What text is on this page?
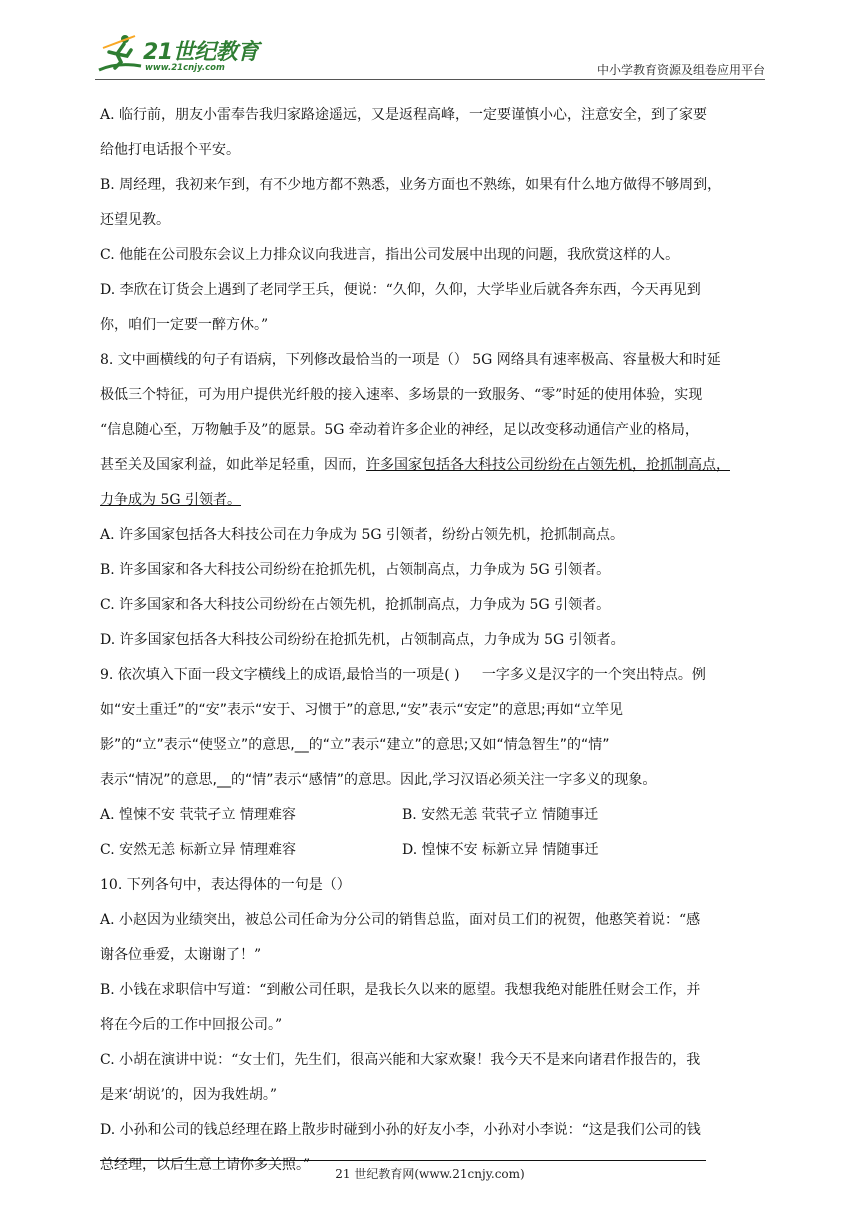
21世纪教育
www.21cnjy.com	中小学教育资源及组卷应用平台

A. 临行前，朋友小雷奉告我归家路途遥远，又是返程高峰，一定要谨慎小心，注意安全，到了家要

给他打电话报个平安。

B. 周经理，我初来乍到，有不少地方都不熟悉，业务方面也不熟练，如果有什么地方做得不够周到，

还望见教。

C. 他能在公司股东会议上力排众议向我进言，指出公司发展中出现的问题，我欣赏这样的人。

D. 李欣在订货会上遇到了老同学王兵，便说：“久仰，久仰，大学毕业后就各奔东西，今天再见到

你，咱们一定要一醉方休。”

8. 文中画横线的句子有语病，下列修改最恰当的一项是（） 5G 网络具有速率极高、容量极大和时延

极低三个特征，可为用户提供光纤般的接入速率、多场景的一致服务、“零”时延的使用体验，实现

“信息随心至，万物触手及”的愿景。5G 牵动着许多企业的神经，足以改变移动通信产业的格局，

甚至关及国家利益，如此举足轻重，因而，许多国家包括各大科技公司纷纷在占领先机，抢抓制高点，

力争成为 5G 引领者。

A. 许多国家包括各大科技公司在力争成为 5G 引领者，纷纷占领先机，抢抓制高点。

B. 许多国家和各大科技公司纷纷在抢抓先机，占领制高点，力争成为 5G 引领者。

C. 许多国家和各大科技公司纷纷在占领先机，抢抓制高点，力争成为 5G 引领者。

D. 许多国家包括各大科技公司纷纷在抢抓先机，占领制高点，力争成为 5G 引领者。

9. 依次填入下面一段文字横线上的成语,最恰当的一项是( ) 一字多义是汉字的一个突出特点。例

如“安土重迁”的“安”表示“安于、习惯于”的意思,“安”表示“安定”的意思;再如“立竿见

影”的“立”表示“使竖立”的意思,__的“立”表示“建立”的意思;又如“情急智生”的“情”

表示“情况”的意思,__的“情”表示“感情”的意思。因此,学习汉语必须关注一字多义的现象。

A. 惶悚不安 茕茕孑立 情理难容	B. 安然无恙 茕茕孑立 情随事迁
C. 安然无恙 标新立异 情理难容	D. 惶悚不安 标新立异 情随事迁

10. 下列各句中，表达得体的一句是（）

A. 小赵因为业绩突出，被总公司任命为分公司的销售总监，面对员工们的祝贺，他憨笑着说：“感

谢各位垂爱，太谢谢了！”

B. 小钱在求职信中写道：“到敝公司任职，是我长久以来的愿望。我想我绝对能胜任财会工作，并

将在今后的工作中回报公司。”

C. 小胡在演讲中说：“女士们，先生们，很高兴能和大家欢聚！我今天不是来向诸君作报告的，我

是来‘胡说’的，因为我姓胡。”

D. 小孙和公司的钱总经理在路上散步时碰到小孙的好友小李，小孙对小李说：“这是我们公司的钱

总经理，以后生意上请你多关照。”

21 世纪教育网(www.21cnjy.com)
